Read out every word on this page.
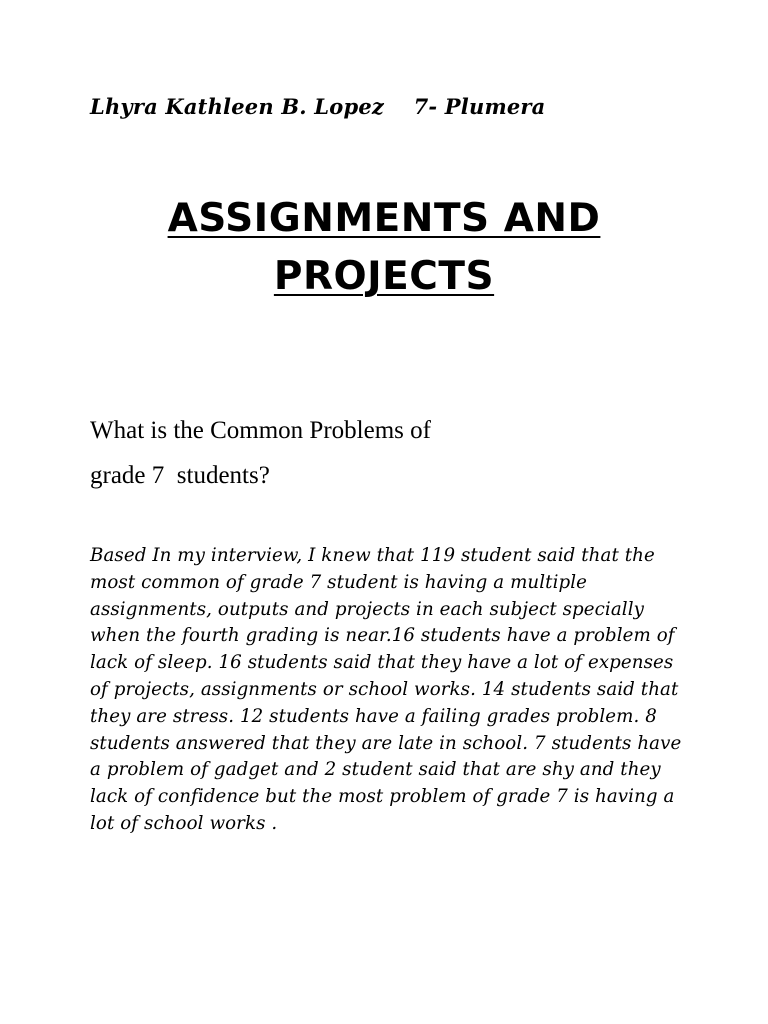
Lhyra Kathleen B. Lopez 7- Plumera
ASSIGNMENTS AND
PROJECTS
What is the Common Problems of
grade 7  students?
Based In my interview, I knew that 119 student said that the most common of grade 7 student is having a multiple assignments, outputs and projects in each subject specially when the fourth grading is near.16 students have a problem of lack of sleep. 16 students said that they have a lot of expenses of projects, assignments or school works. 14 students said that they are stress. 12 students have a failing grades problem. 8 students answered that they are late in school. 7 students have a problem of gadget and 2 student said that are shy and they lack of confidence but the most problem of grade 7 is having a lot of school works .
